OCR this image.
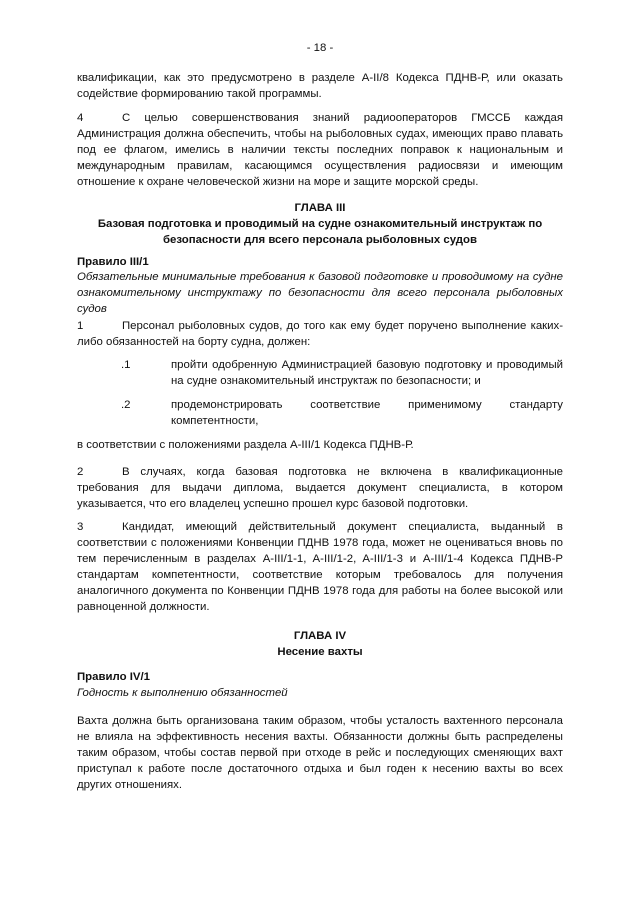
- 18 -
квалификации, как это предусмотрено в разделе A-II/8 Кодекса ПДНВ-Р, или оказать содействие формированию такой программы.
4	С целью совершенствования знаний радиооператоров ГМССБ каждая Администрация должна обеспечить, чтобы на рыболовных судах, имеющих право плавать под ее флагом, имелись в наличии тексты последних поправок к национальным и международным правилам, касающимся осуществления радиосвязи и имеющим отношение к охране человеческой жизни на море и защите морской среды.
ГЛАВА III
Базовая подготовка и проводимый на судне ознакомительный инструктаж по безопасности для всего персонала рыболовных судов
Правило III/1
Обязательные минимальные требования к базовой подготовке и проводимому на судне ознакомительному инструктажу по безопасности для всего персонала рыболовных судов
1	Персонал рыболовных судов, до того как ему будет поручено выполнение каких-либо обязанностей на борту судна, должен:
.1	пройти одобренную Администрацией базовую подготовку и проводимый на судне ознакомительный инструктаж по безопасности; и
.2	продемонстрировать соответствие применимому стандарту компетентности,
в соответствии с положениями раздела A-III/1 Кодекса ПДНВ-Р.
2	В случаях, когда базовая подготовка не включена в квалификационные требования для выдачи диплома, выдается документ специалиста, в котором указывается, что его владелец успешно прошел курс базовой подготовки.
3	Кандидат, имеющий действительный документ специалиста, выданный в соответствии с положениями Конвенции ПДНВ 1978 года, может не оцениваться вновь по тем перечисленным в разделах A-III/1-1, A-III/1-2, A-III/1-3 и A-III/1-4 Кодекса ПДНВ-Р стандартам компетентности, соответствие которым требовалось для получения аналогичного документа по Конвенции ПДНВ 1978 года для работы на более высокой или равноценной должности.
ГЛАВА IV
Несение вахты
Правило IV/1
Годность к выполнению обязанностей
Вахта должна быть организована таким образом, чтобы усталость вахтенного персонала не влияла на эффективность несения вахты. Обязанности должны быть распределены таким образом, чтобы состав первой при отходе в рейс и последующих сменяющих вахт приступал к работе после достаточного отдыха и был годен к несению вахты во всех других отношениях.
